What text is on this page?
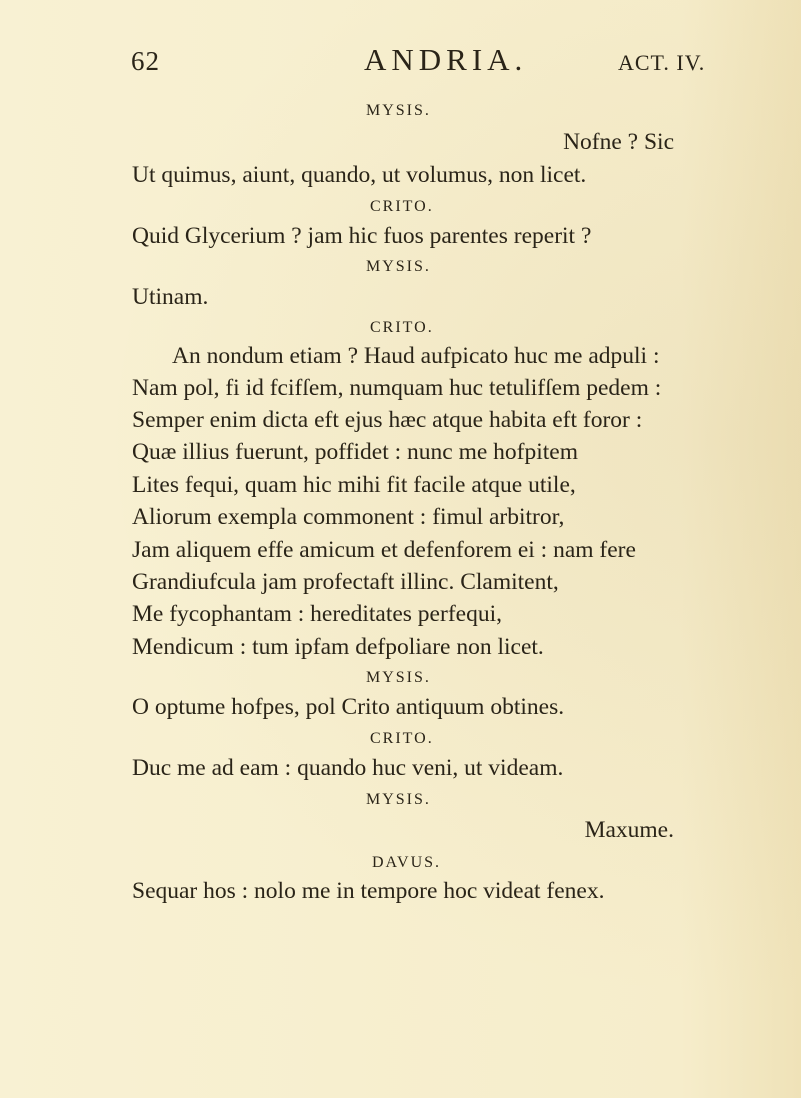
62	ANDRIA.	ACT. IV.
MYSIS.
Nofne ? Sic
Ut quimus, aiunt, quando, ut volumus, non licet.
CRITO.
Quid Glycerium ? jam hic fuos parentes reperit ?
MYSIS.
Utinam.
CRITO.
An nondum etiam ? Haud aufpicato huc me adpuli :
Nam pol, fi id fcifſem, numquam huc tetulifſem pedem :
Semper enim dicta eft ejus hæc atque habita eft foror :
Quæ illius fuerunt, poffidet : nunc me hofpitem
Lites fequi, quam hic mihi fit facile atque utile,
Aliorum exempla commonent : fimul arbitror,
Jam aliquem effe amicum et defenforem ei : nam fere
Grandiufcula jam profectaft illinc. Clamitent,
Me fycophantam : hereditates perfequi,
Mendicum : tum ipfam defpoliare non licet.
MYSIS.
O optume hofpes, pol Crito antiquum obtines.
CRITO.
Duc me ad eam : quando huc veni, ut videam.
MYSIS.
Maxume.
DAVUS.
Sequar hos : nolo me in tempore hoc videat fenex.
